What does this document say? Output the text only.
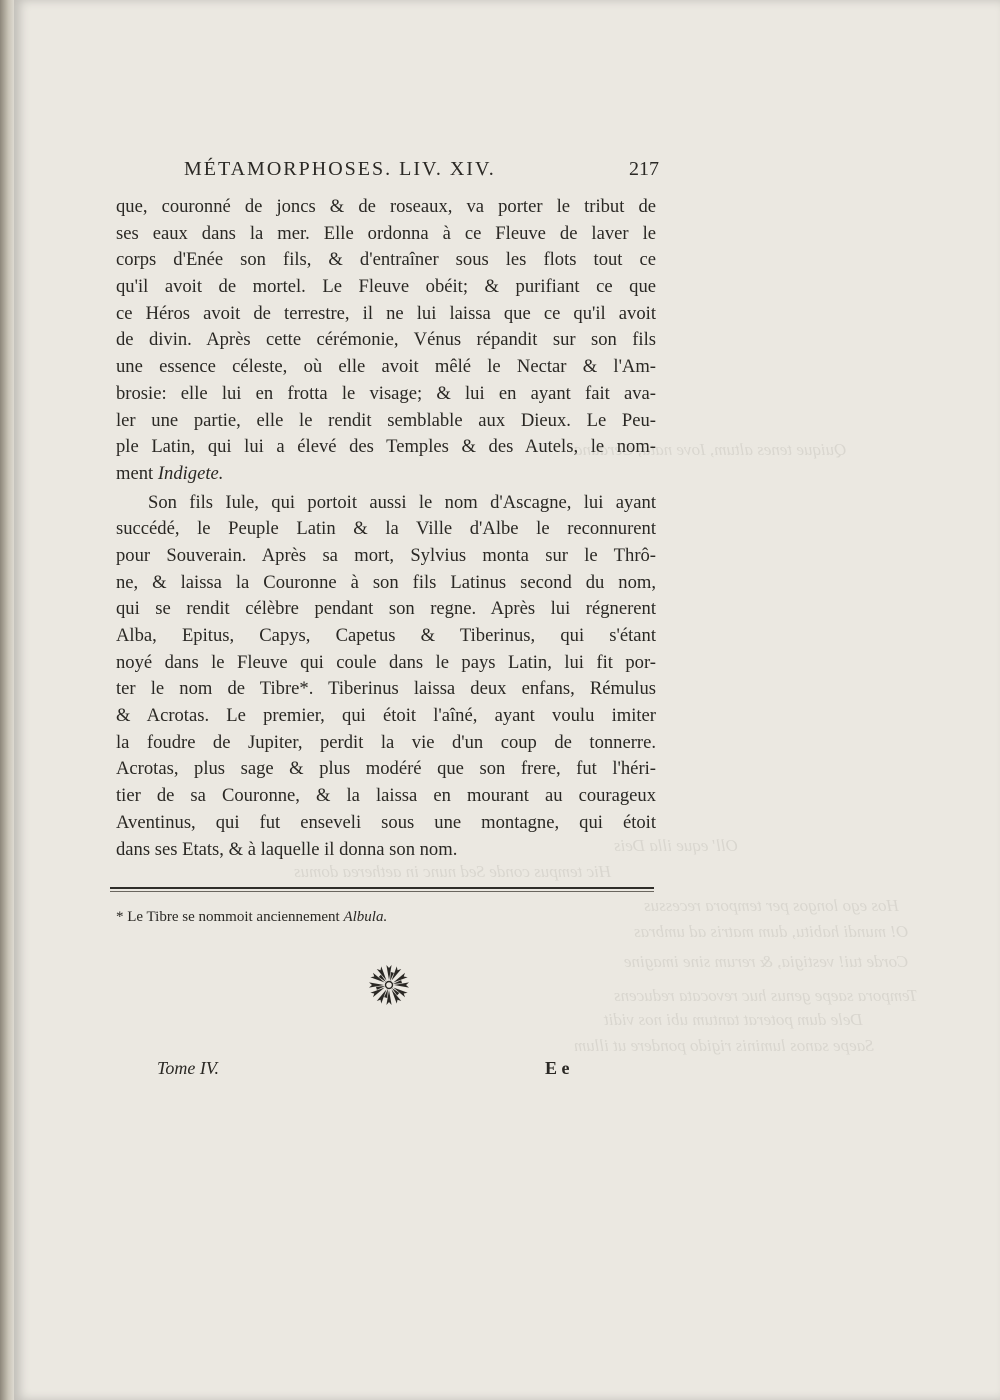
Quique tenes altum, Iove nata, Cerauna
Oll' eque illa Deis
Hic tempus conde Sed nunc in aetherea domus
Hos ego longos per tempora recessus
O! mundi habitu, dum matris ad umbras
Corde tui! vestigia, & rerum sine imagine
Tempora saepe genus huc revocata reducens
Dele dum poterat tantum ubi nos vidit
Saepe sanos luminis rigido pondere ut illum
MÉTAMORPHOSES. LIV. XIV.	217
que, couronné de joncs & de roseaux, va porter le tribut de
ses eaux dans la mer. Elle ordonna à ce Fleuve de laver le
corps d'Enée son fils, & d'entraîner sous les flots tout ce
qu'il avoit de mortel. Le Fleuve obéit; & purifiant ce que
ce Héros avoit de terrestre, il ne lui laissa que ce qu'il avoit
de divin. Après cette cérémonie, Vénus répandit sur son fils
une essence céleste, où elle avoit mêlé le Nectar & l'Am-
brosie: elle lui en frotta le visage; & lui en ayant fait ava-
ler une partie, elle le rendit semblable aux Dieux. Le Peu-
ple Latin, qui lui a élevé des Temples & des Autels, le nom-
ment Indigete.
Son fils Iule, qui portoit aussi le nom d'Ascagne, lui ayant
succédé, le Peuple Latin & la Ville d'Albe le reconnurent
pour Souverain. Après sa mort, Sylvius monta sur le Thrô-
ne, & laissa la Couronne à son fils Latinus second du nom,
qui se rendit célèbre pendant son regne. Après lui régnerent
Alba, Epitus, Capys, Capetus & Tiberinus, qui s'étant
noyé dans le Fleuve qui coule dans le pays Latin, lui fit por-
ter le nom de Tibre*. Tiberinus laissa deux enfans, Rémulus
& Acrotas. Le premier, qui étoit l'aîné, ayant voulu imiter
la foudre de Jupiter, perdit la vie d'un coup de tonnerre.
Acrotas, plus sage & plus modéré que son frere, fut l'héri-
tier de sa Couronne, & la laissa en mourant au courageux
Aventinus, qui fut enseveli sous une montagne, qui étoit
dans ses Etats, & à laquelle il donna son nom.
* Le Tibre se nommoit anciennement Albula.
Tome IV.	E e
